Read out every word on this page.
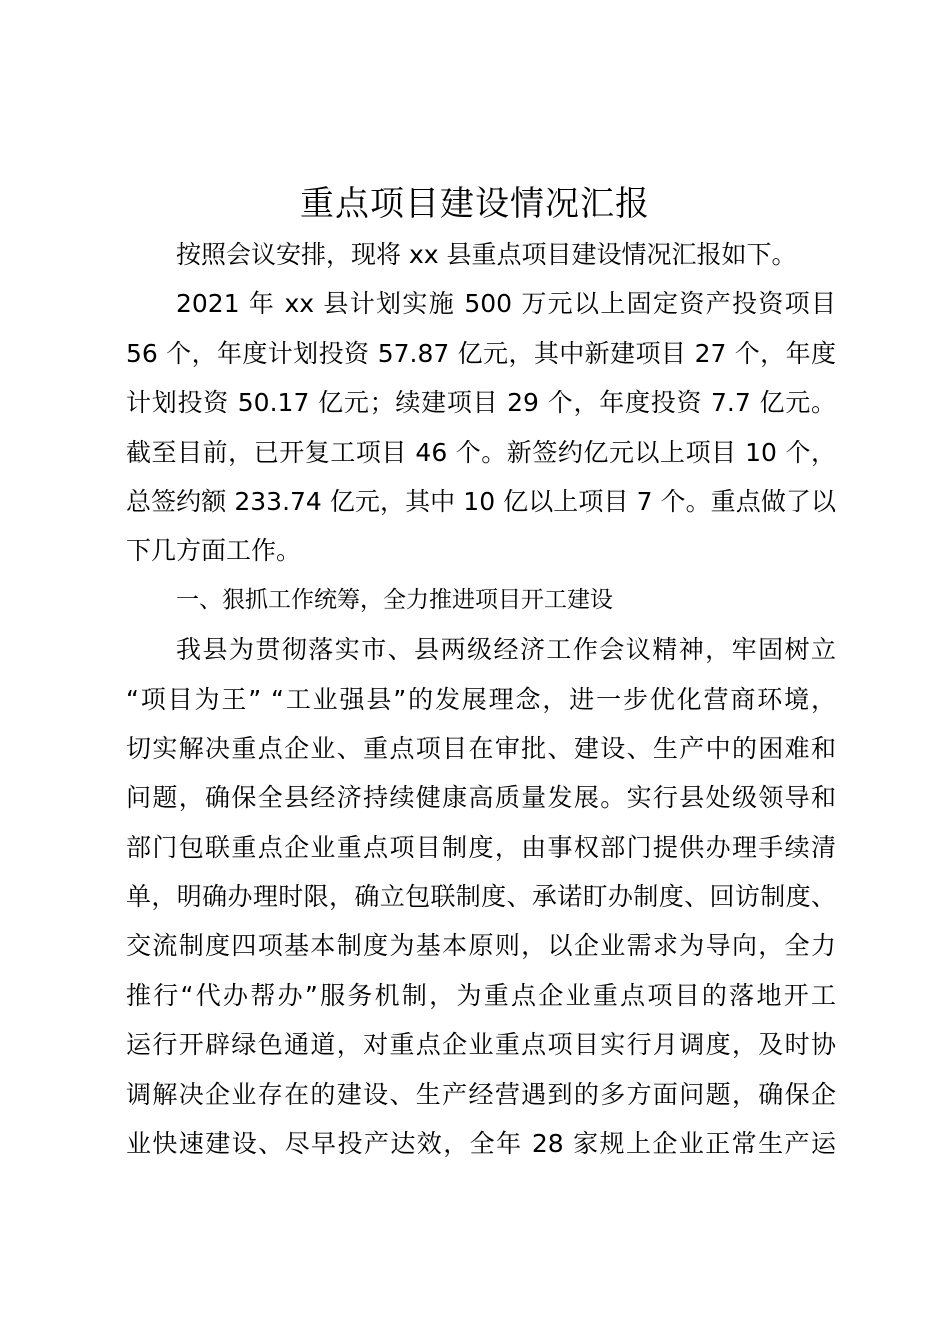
重点项目建设情况汇报
按照会议安排，现将 xx 县重点项目建设情况汇报如下。
2021 年 xx 县计划实施 500 万元以上固定资产投资项目
56 个，年度计划投资 57.87 亿元，其中新建项目 27 个，年度
计划投资 50.17 亿元；续建项目 29 个，年度投资 7.7 亿元。
截至目前，已开复工项目 46 个。新签约亿元以上项目 10 个，
总签约额 233.74 亿元，其中 10 亿以上项目 7 个。重点做了以
下几方面工作。
一、狠抓工作统筹，全力推进项目开工建设
我县为贯彻落实市、县两级经济工作会议精神，牢固树立
“项目为王” “工业强县”的发展理念，进一步优化营商环境，
切实解决重点企业、重点项目在审批、建设、生产中的困难和
问题，确保全县经济持续健康高质量发展。实行县处级领导和
部门包联重点企业重点项目制度，由事权部门提供办理手续清
单，明确办理时限，确立包联制度、承诺盯办制度、回访制度、
交流制度四项基本制度为基本原则，以企业需求为导向，全力
推行“代办帮办”服务机制，为重点企业重点项目的落地开工
运行开辟绿色通道，对重点企业重点项目实行月调度，及时协
调解决企业存在的建设、生产经营遇到的多方面问题，确保企
业快速建设、尽早投产达效，全年 28 家规上企业正常生产运
